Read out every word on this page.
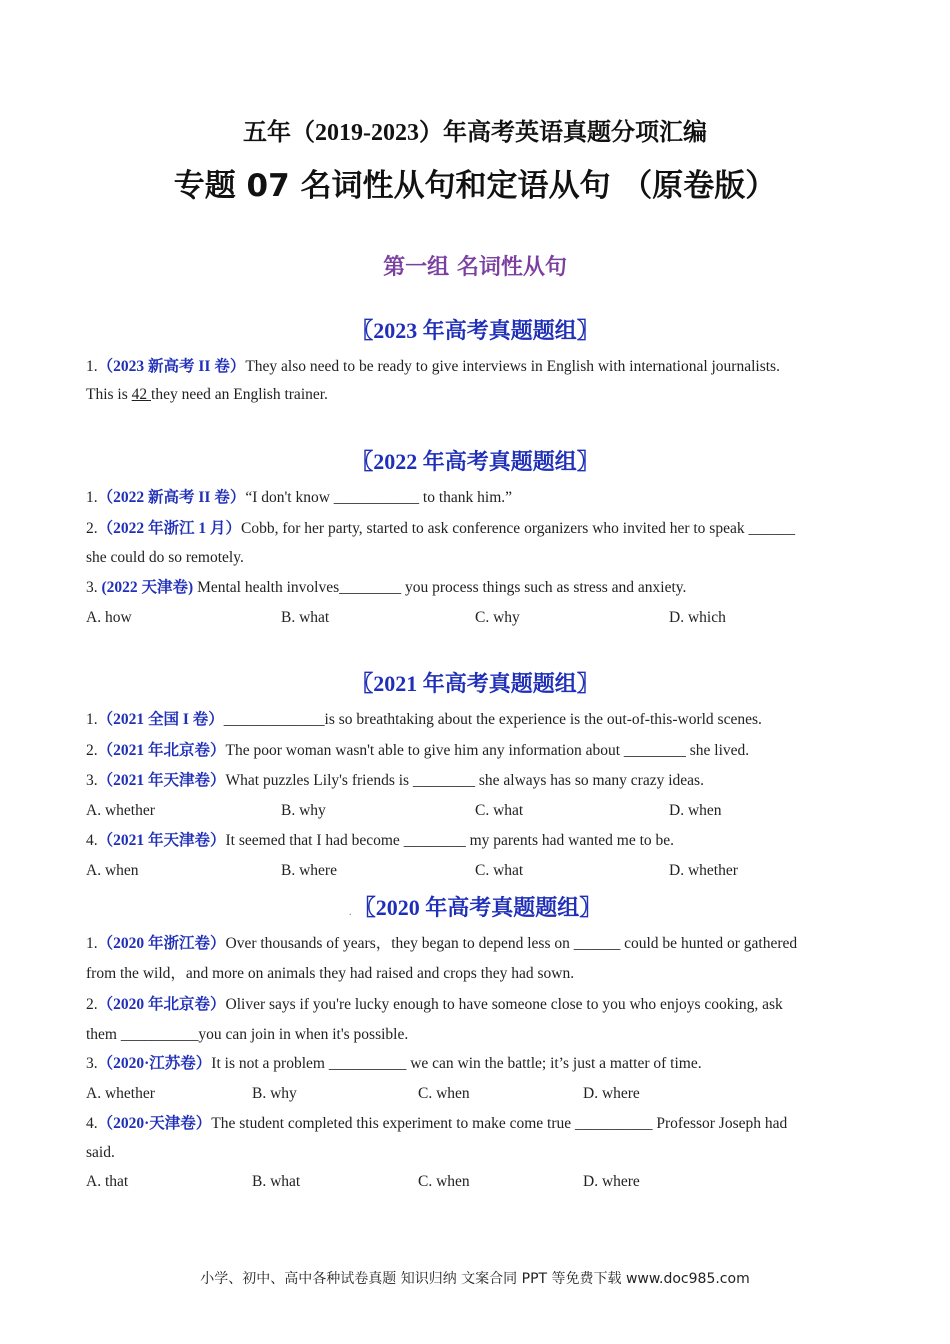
五年（2019-2023）年高考英语真题分项汇编
专题 07 名词性从句和定语从句 （原卷版）
第一组 名词性从句
〖2023 年高考真题题组〗
1.（2023 新高考 II 卷）They also need to be ready to give interviews in English with international journalists.
This is 42 they need an English trainer.
〖2022 年高考真题题组〗
1.（2022 新高考 II 卷）“I don't know ___________ to thank him.”
2.（2022 年浙江 1 月）Cobb, for her party, started to ask conference organizers who invited her to speak ______
she could do so remotely.
3. (2022 天津卷) Mental health involves________ you process things such as stress and anxiety.
A. how	B. what	C. why	D. which
〖2021 年高考真题题组〗
1.（2021 全国 I 卷）_____________is so breathtaking about the experience is the out-of-this-world scenes.
2.（2021 年北京卷）The poor woman wasn't able to give him any information about ________ she lived.
3.（2021 年天津卷）What puzzles Lily's friends is ________ she always has so many crazy ideas.
A. whether	B. why	C. what	D. when
4.（2021 年天津卷）It seemed that I had become ________ my parents had wanted me to be.
A. when	B. where	C. what	D. whether
.〖2020 年高考真题题组〗
1.（2020 年浙江卷）Over thousands of years，they began to depend less on ______ could be hunted or gathered
from the wild，and more on animals they had raised and crops they had sown.
2.（2020 年北京卷）Oliver says if you're lucky enough to have someone close to you who enjoys cooking, ask
them __________you can join in when it's possible.
3.（2020·江苏卷）It is not a problem __________ we can win the battle; it’s just a matter of time.
A. whether	B. why	C. when	D. where
4.（2020·天津卷）The student completed this experiment to make come true __________ Professor Joseph had
said.
A. that	B. what	C. when	D. where
小学、初中、高中各种试卷真题 知识归纳 文案合同 PPT 等免费下载 www.doc985.com
